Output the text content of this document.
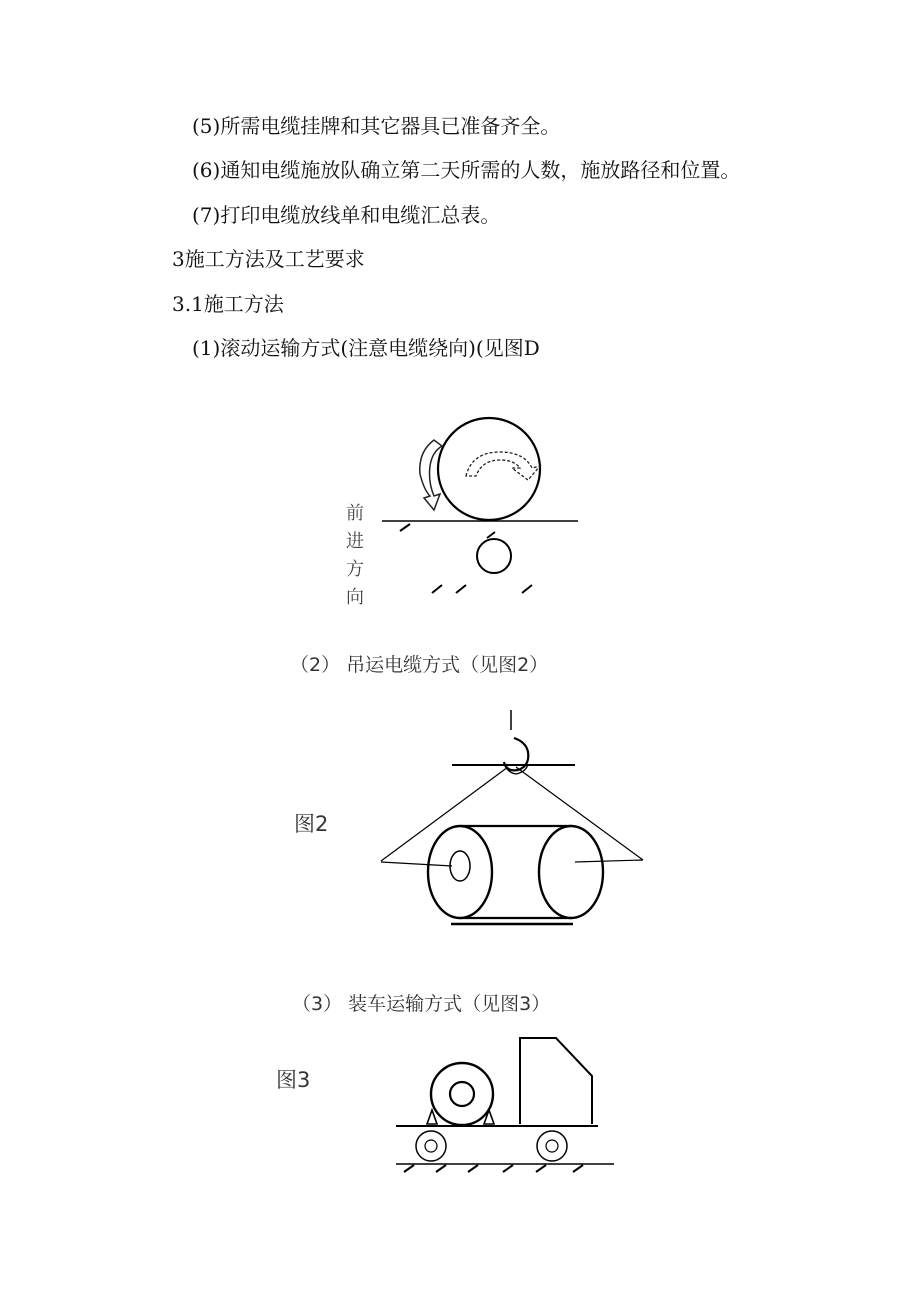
(5)所需电缆挂牌和其它器具已准备齐全。
(6)通知电缆施放队确立第二天所需的人数，施放路径和位置。
(7)打印电缆放线单和电缆汇总表。
3施工方法及工艺要求
3.1施工方法
(1)滚动运输方式(注意电缆绕向)(见图D
前进方向
（2） 吊运电缆方式（见图2）
图2
（3） 装车运输方式（见图3）
图3
